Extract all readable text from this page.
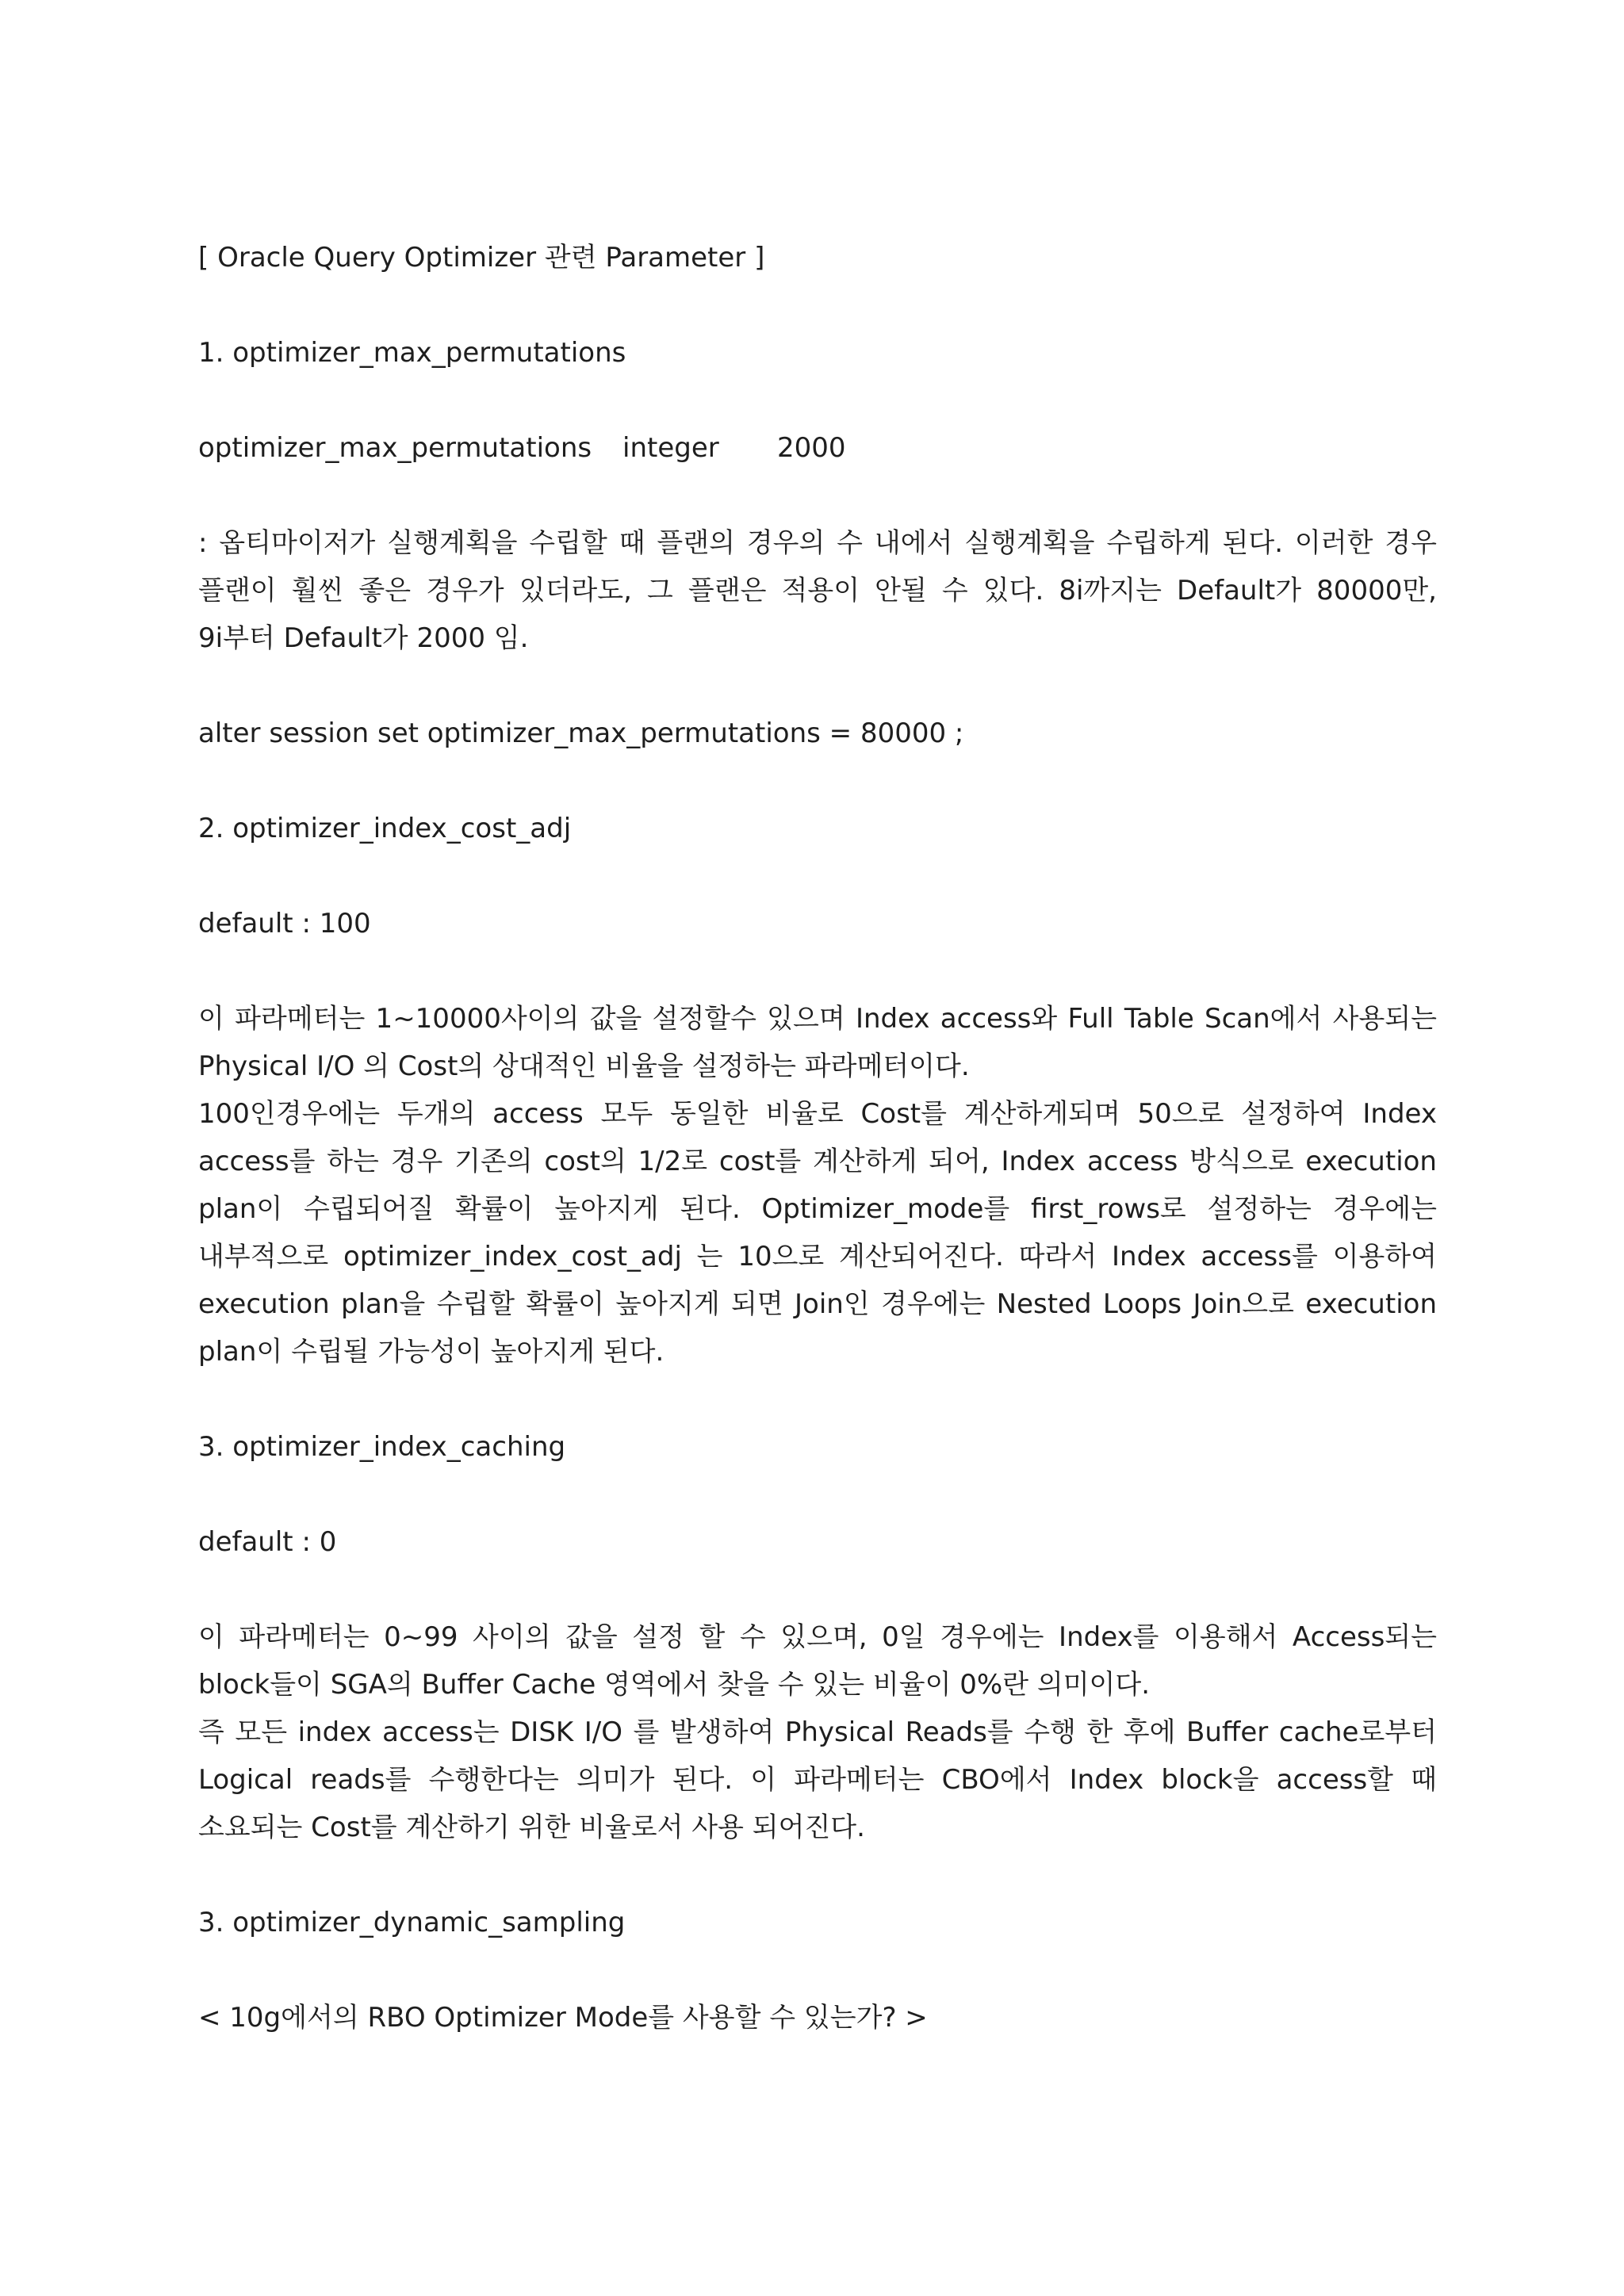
[ Oracle Query Optimizer 관련 Parameter ]

1. optimizer_max_permutations

optimizer_max_permutations integer 2000

: 옵티마이저가 실행계획을 수립할 때 플랜의 경우의 수 내에서 실행계획을 수립하게 된다. 이러한 경우 플랜이 훨씬 좋은 경우가 있더라도, 그 플랜은 적용이 안될 수 있다. 8i까지는 Default가 80000만, 9i부터 Default가 2000 임.

alter session set optimizer_max_permutations = 80000 ;

2. optimizer_index_cost_adj

default : 100

이 파라메터는 1~10000사이의 값을 설정할수 있으며 Index access와 Full Table Scan에서 사용되는 Physical I/O 의 Cost의 상대적인 비율을 설정하는 파라메터이다.

100인경우에는 두개의 access 모두 동일한 비율로 Cost를 계산하게되며 50으로 설정하여 Index access를 하는 경우 기존의 cost의 1/2로 cost를 계산하게 되어, Index access 방식으로 execution plan이 수립되어질 확률이 높아지게 된다. Optimizer_mode를 first_rows로 설정하는 경우에는 내부적으로 optimizer_index_cost_adj 는 10으로 계산되어진다. 따라서 Index access를 이용하여 execution plan을 수립할 확률이 높아지게 되면 Join인 경우에는 Nested Loops Join으로 execution plan이 수립될 가능성이 높아지게 된다.

3. optimizer_index_caching

default : 0

이 파라메터는 0~99 사이의 값을 설정 할 수 있으며, 0일 경우에는 Index를 이용해서 Access되는 block들이 SGA의 Buffer Cache 영역에서 찾을 수 있는 비율이 0%란 의미이다.

즉 모든 index access는 DISK I/O 를 발생하여 Physical Reads를 수행 한 후에 Buffer cache로부터 Logical reads를 수행한다는 의미가 된다. 이 파라메터는 CBO에서 Index block을 access할 때 소요되는 Cost를 계산하기 위한 비율로서 사용 되어진다.

3. optimizer_dynamic_sampling

< 10g에서의 RBO Optimizer Mode를 사용할 수 있는가? >
